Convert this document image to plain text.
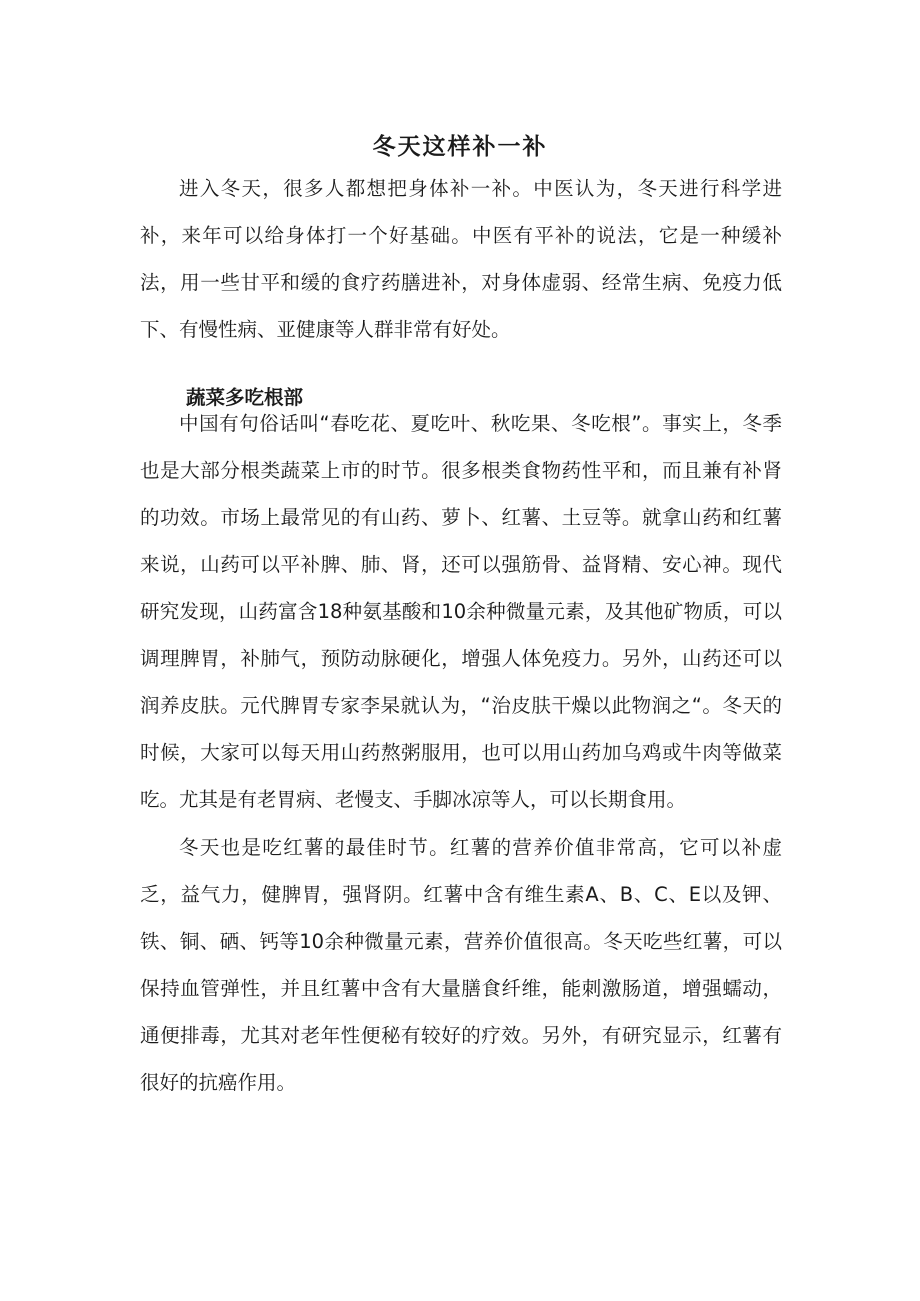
冬天这样补一补

进入冬天，很多人都想把身体补一补。中医认为，冬天进行科学进补，来年可以给身体打一个好基础。中医有平补的说法，它是一种缓补法，用一些甘平和缓的食疗药膳进补，对身体虚弱、经常生病、免疫力低下、有慢性病、亚健康等人群非常有好处。

蔬菜多吃根部

中国有句俗话叫“春吃花、夏吃叶、秋吃果、冬吃根”。事实上，冬季也是大部分根类蔬菜上市的时节。很多根类食物药性平和，而且兼有补肾的功效。市场上最常见的有山药、萝卜、红薯、土豆等。就拿山药和红薯来说，山药可以平补脾、肺、肾，还可以强筋骨、益肾精、安心神。现代研究发现，山药富含18种氨基酸和10余种微量元素，及其他矿物质，可以调理脾胃，补肺气，预防动脉硬化，增强人体免疫力。另外，山药还可以润养皮肤。元代脾胃专家李杲就认为，“治皮肤干燥以此物润之“。冬天的时候，大家可以每天用山药熬粥服用，也可以用山药加乌鸡或牛肉等做菜吃。尤其是有老胃病、老慢支、手脚冰凉等人，可以长期食用。

冬天也是吃红薯的最佳时节。红薯的营养价值非常高，它可以补虚乏，益气力，健脾胃，强肾阴。红薯中含有维生素A、B、C、E以及钾、铁、铜、硒、钙等10余种微量元素，营养价值很高。冬天吃些红薯，可以保持血管弹性，并且红薯中含有大量膳食纤维，能刺激肠道，增强蠕动，通便排毒，尤其对老年性便秘有较好的疗效。另外，有研究显示，红薯有很好的抗癌作用。
